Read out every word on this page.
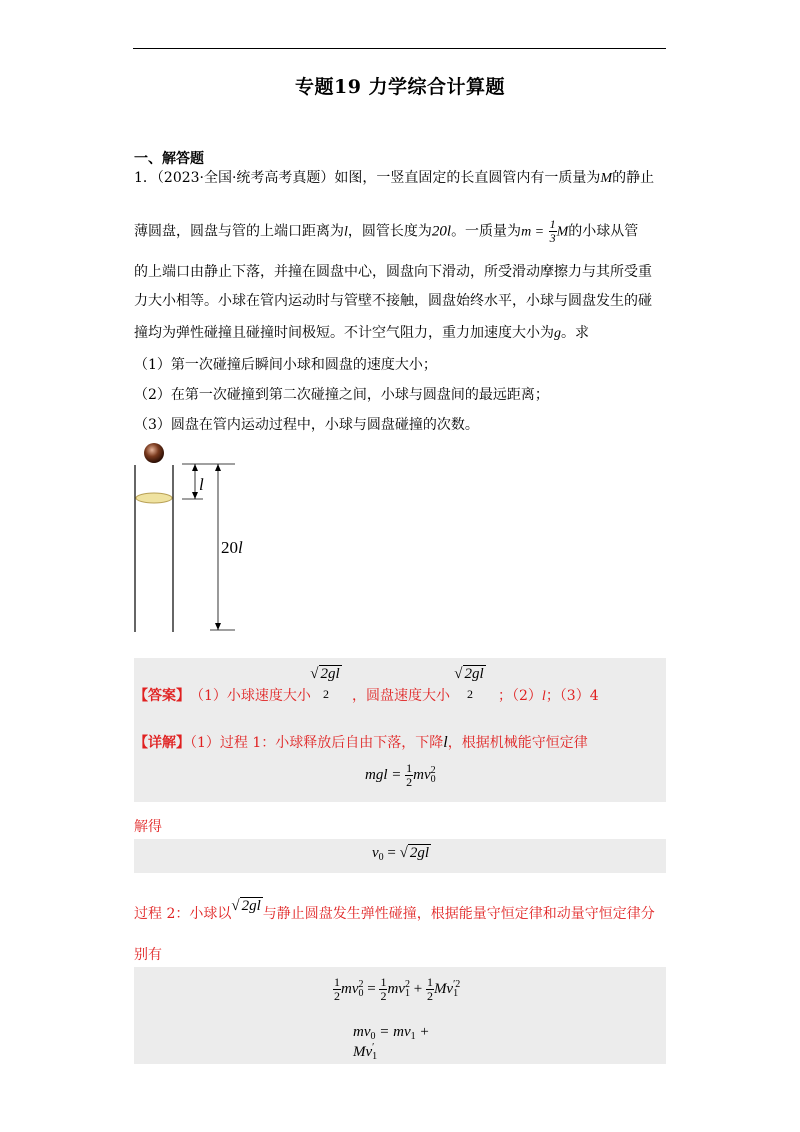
专题19 力学综合计算题
一、解答题
1．（2023·全国·统考高考真题）如图，一竖直固定的长直圆管内有一质量为M的静止
薄圆盘，圆盘与管的上端口距离为l，圆管长度为20l。一质量为$m = \frac{1}{3}$ M的小球从管
的上端口由静止下落，并撞在圆盘中心，圆盘向下滑动，所受滑动摩擦力与其所受重
力大小相等。小球在管内运动时与管壁不接触，圆盘始终水平，小球与圆盘发生的碰
撞均为弹性碰撞且碰撞时间极短。不计空气阻力，重力加速度大小为g。求
（1）第一次碰撞后瞬间小球和圆盘的速度大小；
（2）在第一次碰撞到第二次碰撞之间，小球与圆盘间的最远距离；
（3）圆盘在管内运动过程中，小球与圆盘碰撞的次数。
l
20l
【答案】 （1）小球速度大小
√ 2gl
2	，圆盘速度大小
√ 2gl
2	；（2）l；（3）4
【详解】（1）过程 1：小球释放后自由下落，下降l，根据机械能守恒定律
mgl = $\frac{1}{2} mv_0^2$
解得
$v_0$ = √ 2gl
过程 2：小球以√ 2gl 与静止圆盘发生弹性碰撞，根据能量守恒定律和动量守恒定律分
别有
$\frac{1}{2} mv_0^2 = \frac{1}{2} mv_1^2 + \frac{1}{2} Mv_1^{'2}$
$mv_0 = mv_1 + Mv_1'$
